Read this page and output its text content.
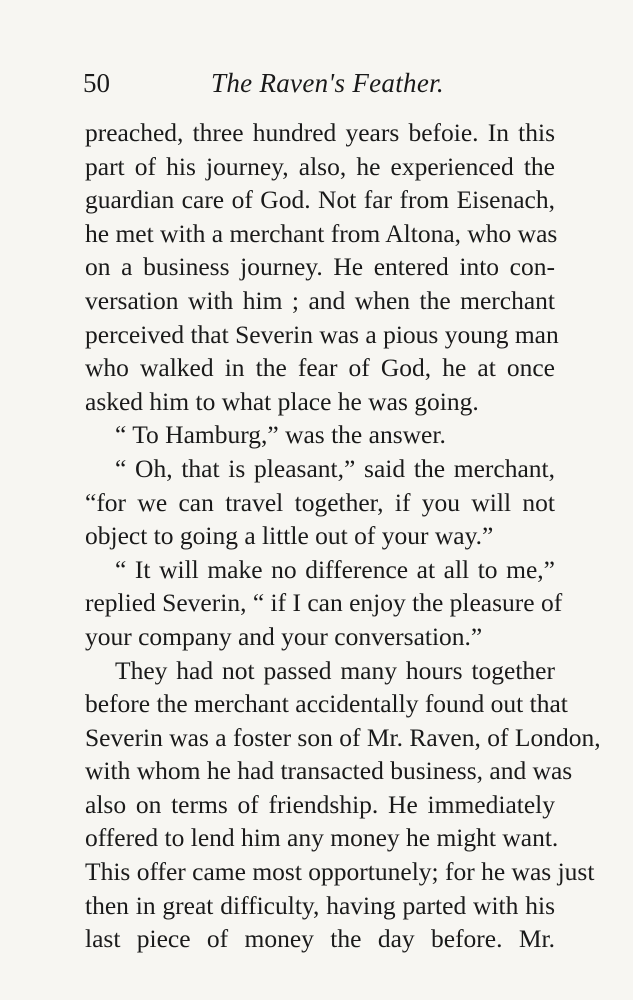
50	The Raven's Feather.
preached, three hundred years befoie. In this
part of his journey, also, he experienced the
guardian care of God. Not far from Eisenach,
he met with a merchant from Altona, who was
on a business journey. He entered into con-
versation with him ; and when the merchant
perceived that Severin was a pious young man
who walked in the fear of God, he at once
asked him to what place he was going.
“ To Hamburg,” was the answer.
“ Oh, that is pleasant,” said the merchant,
“for we can travel together, if you will not
object to going a little out of your way.”
“ It will make no difference at all to me,”
replied Severin, “ if I can enjoy the pleasure of
your company and your conversation.”
They had not passed many hours together
before the merchant accidentally found out that
Severin was a foster son of Mr. Raven, of London,
with whom he had transacted business, and was
also on terms of friendship. He immediately
offered to lend him any money he might want.
This offer came most opportunely; for he was just
then in great difficulty, having parted with his
last piece of money the day before. Mr.
